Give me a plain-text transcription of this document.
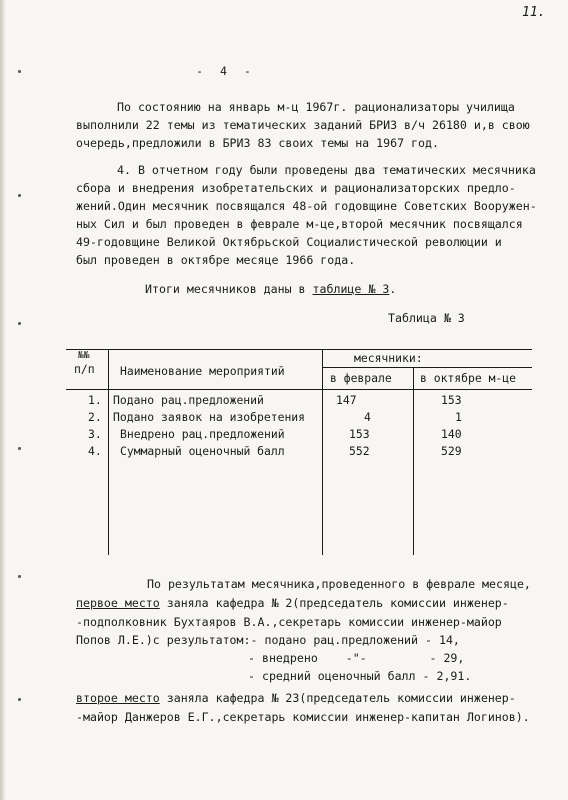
11.
- 4 -
По состоянию на январь м-ц 1967г. рационализаторы училища
выполнили 22 темы из тематических заданий БРИЗ в/ч 26180 и,в свою
очередь,предложили в БРИЗ 83 своих темы на 1967 год.
4. В отчетном году были проведены два тематических месячника
сбора и внедрения изобретательских и рационализаторских предло-
жений.Один месячник посвящался 48-ой годовщине Советских Вооружен-
ных Сил и был проведен в феврале м-це,второй месячник посвящался
49-годовщине Великой Октябрьской Социалистической революции и
был проведен в октябре месяце 1966 года.
Итоги месячников даны в таблице № 3.
Таблица № 3
№№
п/п Наименование мероприятий
месячники:
в феврале в октябре м-це
1. Подано рац.предложений	147	153
2. Подано заявок на изобретения	4	1
3. Внедрено рац.предложений	153	140
4. Суммарный оценочный балл	552	529
По результатам месячника,проведенного в феврале месяце,
первое место заняла кафедра № 2(председатель комиссии инженер-
-подполковник Бухтаяров В.А.,секретарь комиссии инженер-майор
Попов Л.Е.)с результатом:- подано рац.предложений - 14,
- внедрено    -"-         - 29,
- средний оценочный балл - 2,91.
второе место заняла кафедра № 23(председатель комиссии инженер-
-майор Данжеров Е.Г.,секретарь комиссии инженер-капитан Логинов).
